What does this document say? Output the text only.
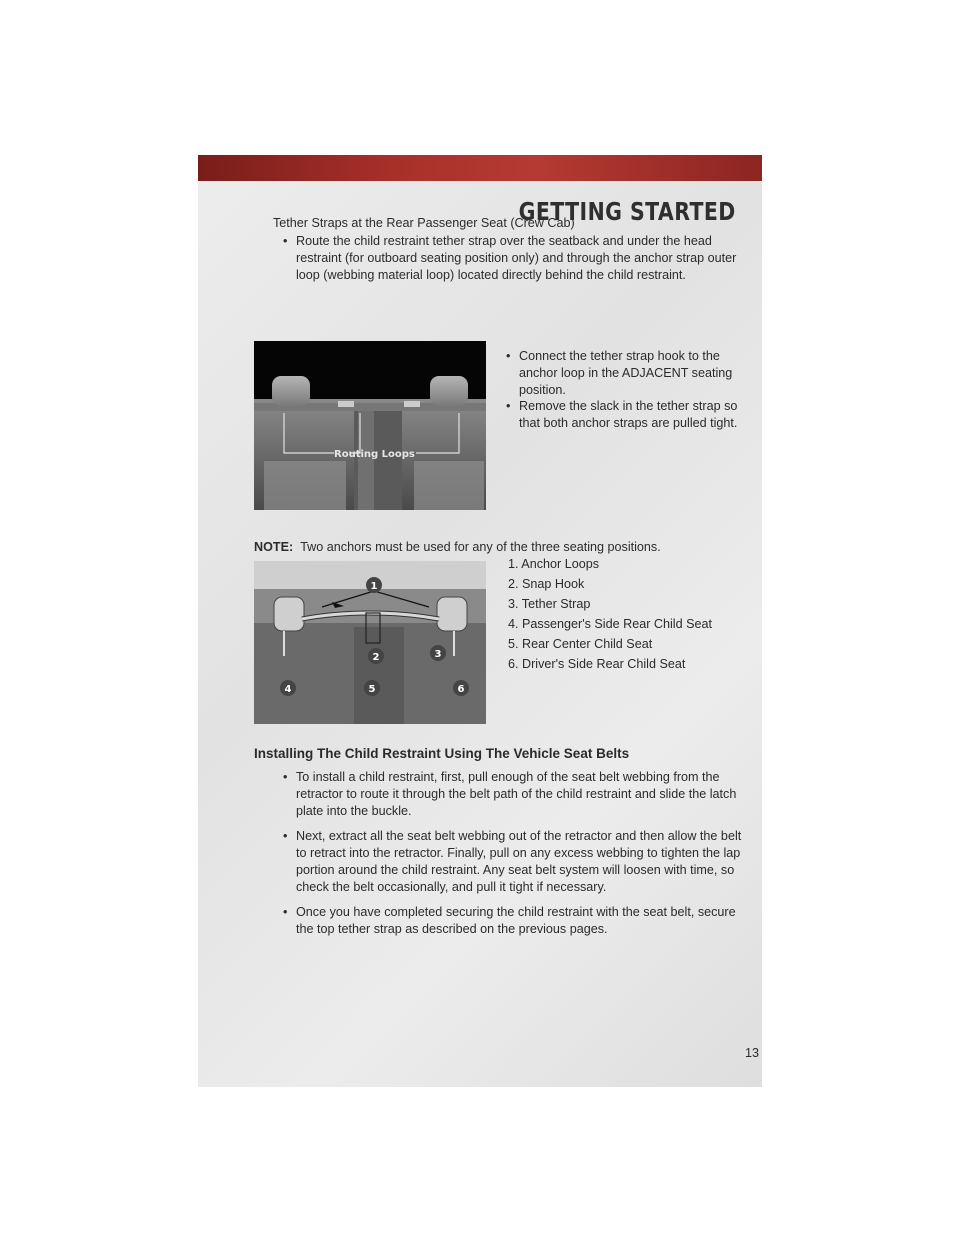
GETTING STARTED

Tether Straps at the Rear Passenger Seat (Crew Cab)

• Route the child restraint tether strap over the seatback and under the head restraint (for outboard seating position only) and through the anchor strap outer loop (webbing material loop) located directly behind the child restraint.
Routing Loops
• Connect the tether strap hook to the anchor loop in the ADJACENT seating position.
• Remove the slack in the tether strap so that both anchor straps are pulled tight.

NOTE: Two anchors must be used for any of the three seating positions.

1
2	3
4	5	6
1. Anchor Loops
2. Snap Hook
3. Tether Strap
4. Passenger's Side Rear Child Seat
5. Rear Center Child Seat
6. Driver's Side Rear Child Seat

Installing The Child Restraint Using The Vehicle Seat Belts

• To install a child restraint, first, pull enough of the seat belt webbing from the retractor to route it through the belt path of the child restraint and slide the latch plate into the buckle.
• Next, extract all the seat belt webbing out of the retractor and then allow the belt to retract into the retractor. Finally, pull on any excess webbing to tighten the lap portion around the child restraint. Any seat belt system will loosen with time, so check the belt occasionally, and pull it tight if necessary.
• Once you have completed securing the child restraint with the seat belt, secure the top tether strap as described on the previous pages.
13
